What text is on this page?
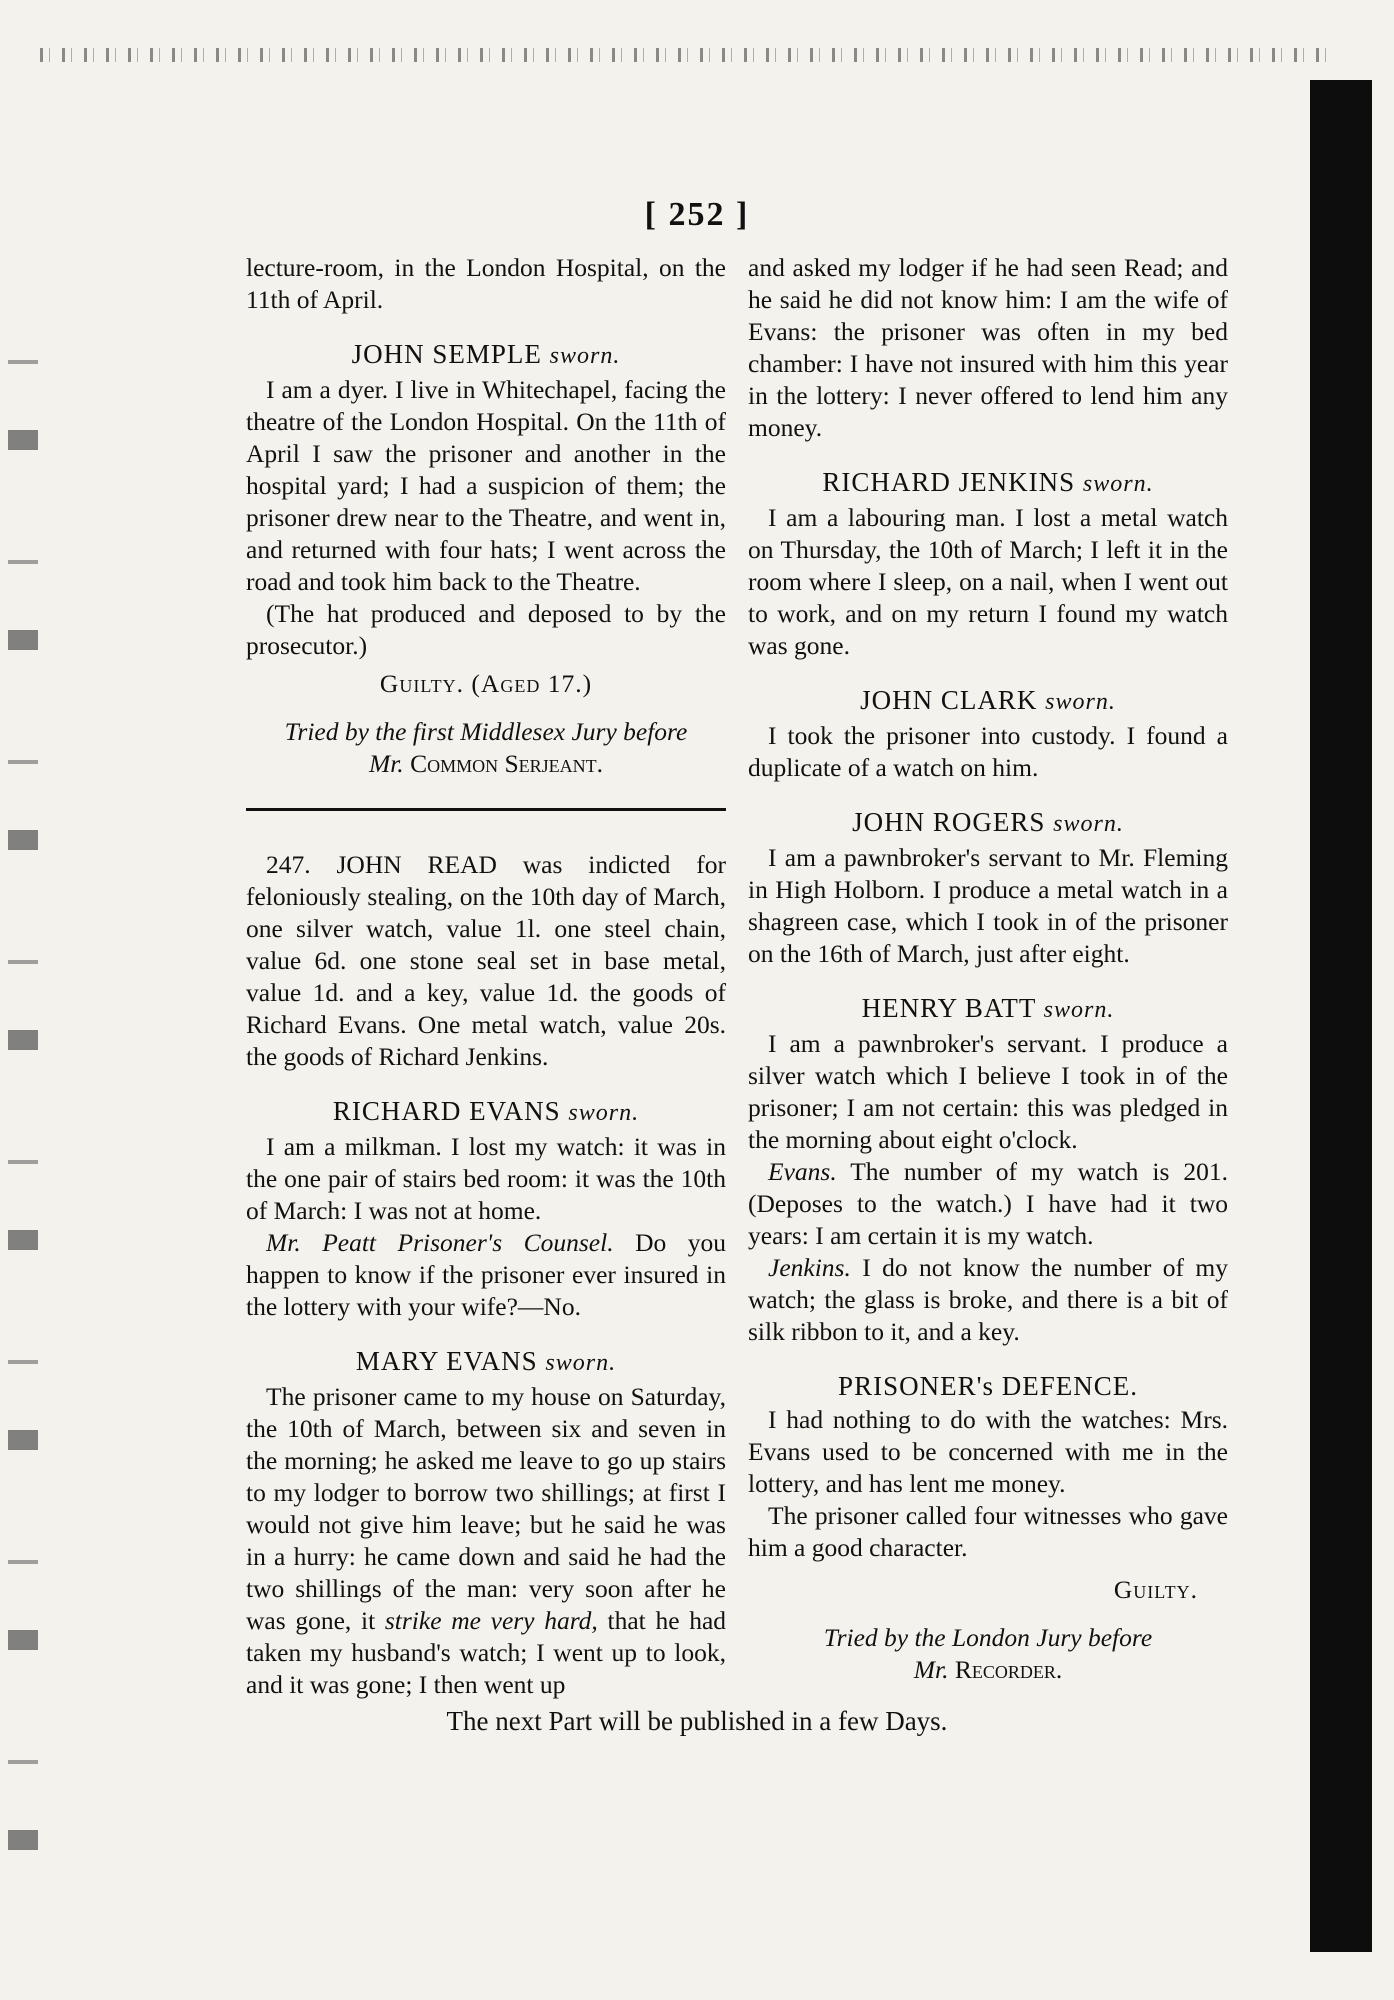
[ 252 ]

lecture-room, in the London Hospital, on the 11th of April.

JOHN SEMPLE sworn.

I am a dyer. I live in Whitechapel, facing the theatre of the London Hospital. On the 11th of April I saw the prisoner and another in the hospital yard; I had a suspicion of them; the prisoner drew near to the Theatre, and went in, and returned with four hats; I went across the road and took him back to the Theatre.

(The hat produced and deposed to by the prosecutor.)

Guilty. (Aged 17.)
Tried by the first Middlesex Jury before
Mr. Common Serjeant.

247. JOHN READ was indicted for feloniously stealing, on the 10th day of March, one silver watch, value 1l. one steel chain, value 6d. one stone seal set in base metal, value 1d. and a key, value 1d. the goods of Richard Evans. One metal watch, value 20s. the goods of Richard Jenkins.

RICHARD EVANS sworn.

I am a milkman. I lost my watch: it was in the one pair of stairs bed room: it was the 10th of March: I was not at home.

Mr. Peatt Prisoner's Counsel. Do you happen to know if the prisoner ever insured in the lottery with your wife?—No.

MARY EVANS sworn.

The prisoner came to my house on Saturday, the 10th of March, between six and seven in the morning; he asked me leave to go up stairs to my lodger to borrow two shillings; at first I would not give him leave; but he said he was in a hurry: he came down and said he had the two shillings of the man: very soon after he was gone, it strike me very hard, that he had taken my husband's watch; I went up to look, and it was gone; I then went up

and asked my lodger if he had seen Read; and he said he did not know him: I am the wife of Evans: the prisoner was often in my bed chamber: I have not insured with him this year in the lottery: I never offered to lend him any money.

RICHARD JENKINS sworn.

I am a labouring man. I lost a metal watch on Thursday, the 10th of March; I left it in the room where I sleep, on a nail, when I went out to work, and on my return I found my watch was gone.

JOHN CLARK sworn.

I took the prisoner into custody. I found a duplicate of a watch on him.

JOHN ROGERS sworn.

I am a pawnbroker's servant to Mr. Fleming in High Holborn. I produce a metal watch in a shagreen case, which I took in of the prisoner on the 16th of March, just after eight.

HENRY BATT sworn.

I am a pawnbroker's servant. I produce a silver watch which I believe I took in of the prisoner; I am not certain: this was pledged in the morning about eight o'clock.

Evans. The number of my watch is 201. (Deposes to the watch.) I have had it two years: I am certain it is my watch.

Jenkins. I do not know the number of my watch; the glass is broke, and there is a bit of silk ribbon to it, and a key.

PRISONER's DEFENCE.

I had nothing to do with the watches: Mrs. Evans used to be concerned with me in the lottery, and has lent me money.

The prisoner called four witnesses who gave him a good character.

Guilty.
Tried by the London Jury before
Mr. Recorder.
The next Part will be published in a few Days.
